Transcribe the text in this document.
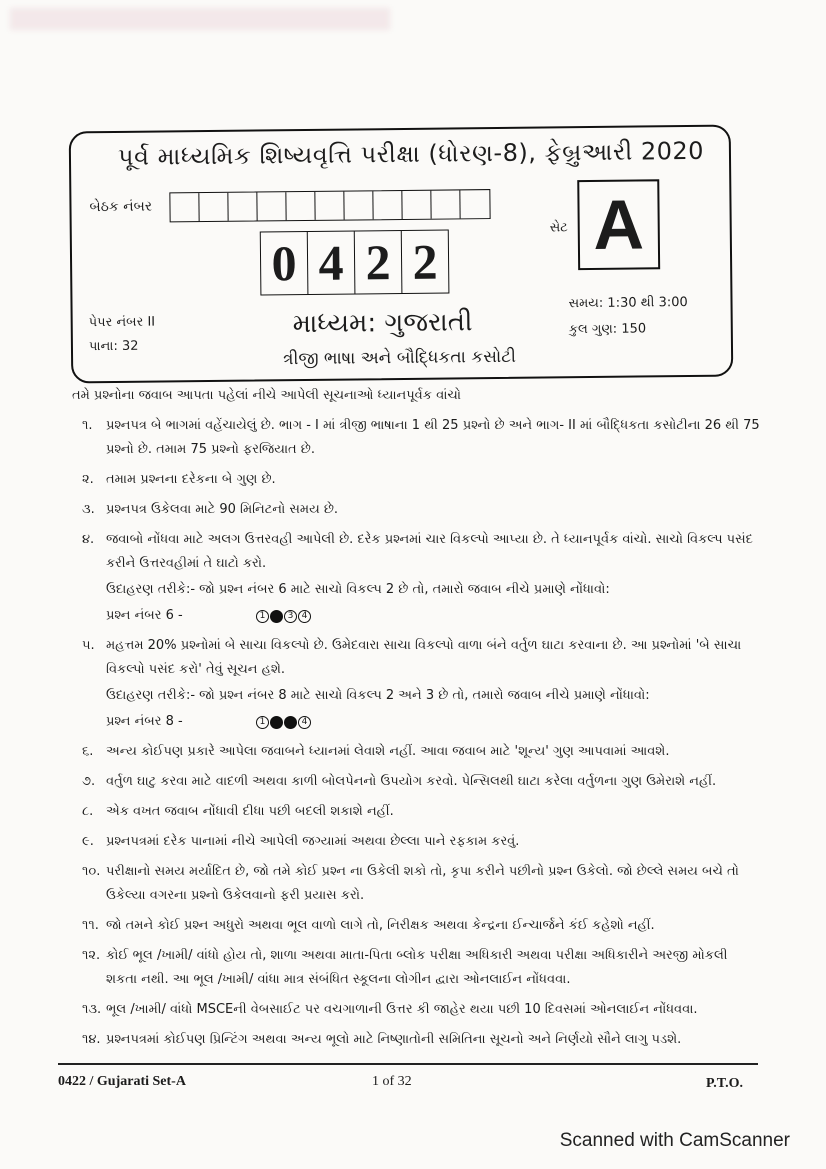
પૂર્વ માધ્યમિક શિષ્યવૃત્તિ પરીક્ષા (ધોરણ-8), ફેબ્રુઆરી 2020
બેઠક નંબર
0 4 2 2
સેટ A
પેપર નંબર II
પાના: 32
માધ્યમ: ગુજરાતી
ત્રીજી ભાષા અને બૌદ્ધિકતા કસોટી
સમય: 1:30 થી 3:00
કુલ ગુણ: 150
તમે પ્રશ્નોના જવાબ આપતા પહેલાં નીચે આપેલી સૂચનાઓ ધ્યાનપૂર્વક વાંચો
૧.	પ્રશ્નપત્ર બે ભાગમાં વહેંચાયેલું છે. ભાગ - I માં ત્રીજી ભાષાના 1 થી 25 પ્રશ્નો છે અને ભાગ- II માં બૌદ્ધિકતા કસોટીના 26 થી 75 પ્રશ્નો છે. તમામ 75 પ્રશ્નો ફરજિયાત છે.
૨. તમામ પ્રશ્નના દરેકના બે ગુણ છે.
૩. પ્રશ્નપત્ર ઉકેલવા માટે 90 મિનિટનો સમય છે.
૪. જવાબો નોંધવા માટે અલગ ઉત્તરવહી આપેલી છે. દરેક પ્રશ્નમાં ચાર વિકલ્પો આપ્યા છે. તે ધ્યાનપૂર્વક વાંચો. સાચો વિકલ્પ પસંદ કરીને ઉત્તરવહીમાં તે ઘાટો કરો.
ઉદાહરણ તરીકે:- જો પ્રશ્ન નંબર 6 માટે સાચો વિકલ્પ 2 છે તો, તમારો જવાબ નીચે પ્રમાણે નોંધાવો:
પ્રશ્ન નંબર 6 -	1	3 4
૫. મહત્તમ 20% પ્રશ્નોમાં બે સાચા વિકલ્પો છે. ઉમેદવારા સાચા વિકલ્પો વાળા બંને વર્તુળ ઘાટા કરવાના છે. આ પ્રશ્નોમાં 'બે સાચા વિકલ્પો પસંદ કરો' તેવું સૂચન હશે.
ઉદાહરણ તરીકે:- જો પ્રશ્ન નંબર 8 માટે સાચો વિકલ્પ 2 અને 3 છે તો, તમારો જવાબ નીચે પ્રમાણે નોંધાવો:
પ્રશ્ન નંબર 8 -	1	4
૬. અન્ય કોઈપણ પ્રકારે આપેલા જવાબને ધ્યાનમાં લેવાશે નહીં. આવા જવાબ માટે 'શૂન્ય' ગુણ આપવામાં આવશે.
૭. વર્તુળ ઘાટુ કરવા માટે વાદળી અથવા કાળી બોલપેનનો ઉપયોગ કરવો. પેન્સિલથી ઘાટા કરેલા વર્તુળના ગુણ ઉમેરાશે નહીં.
૮. એક વખત જવાબ નોંધાવી દીધા પછી બદલી શકાશે નહીં.
૯. પ્રશ્નપત્રમાં દરેક પાનામાં નીચે આપેલી જગ્યામાં અથવા છેલ્લા પાને રફકામ કરવું.
૧૦. પરીક્ષાનો સમય મર્યાદિત છે, જો તમે કોઈ પ્રશ્ન ના ઉકેલી શકો તો, કૃપા કરીને પછીનો પ્રશ્ન ઉકેલો. જો છેલ્લે સમય બચે તો ઉકેલ્યા વગરના પ્રશ્નો ઉકેલવાનો ફરી પ્રયાસ કરો.
૧૧. જો તમને કોઈ પ્રશ્ન અધુરો અથવા ભૂલ વાળો લાગે તો, નિરીક્ષક અથવા કેન્દ્રના ઈન્ચાર્જને કંઈ કહેશો નહીં.
૧૨. કોઈ ભૂલ /ખામી/ વાંધો હોય તો, શાળા અથવા માતા-પિતા બ્લોક પરીક્ષા અધિકારી અથવા પરીક્ષા અધિકારીને અરજી મોકલી શકતા નથી. આ ભૂલ /ખામી/ વાંધા માત્ર સંબંધિત સ્કૂલના લોગીન દ્વારા ઓનલાઈન નોંધવવા.
૧૩. ભૂલ /ખામી/ વાંધો MSCEની વેબસાઈટ પર વચગાળાની ઉત્તર કી જાહેર થયા પછી 10 દિવસમાં ઓનલાઈન નોંધવવા.
૧૪. પ્રશ્નપત્રમાં કોઈપણ પ્રિન્ટિંગ અથવા અન્ય ભૂલો માટે નિષ્ણાતોની સમિતિના સૂચનો અને નિર્ણયો સૌને લાગુ પડશે.
0422 / Gujarati Set-A	1 of 32	P.T.O.
Scanned with CamScanner
